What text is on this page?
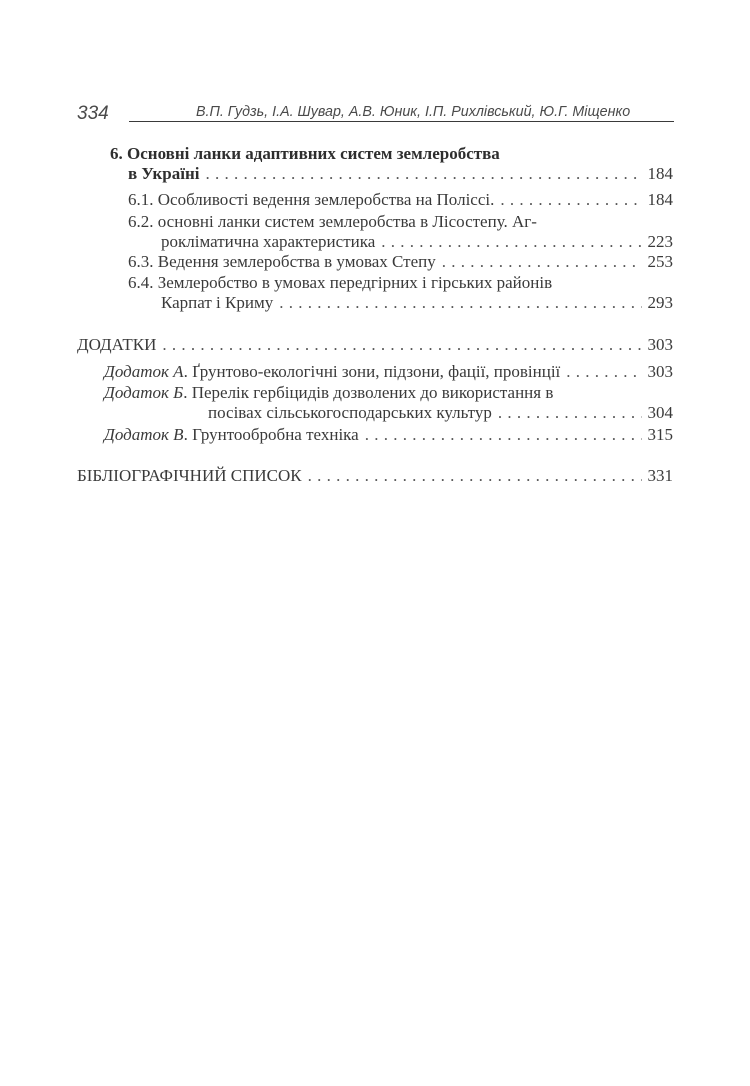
334	В.П. Гудзь, І.А. Шувар, А.В. Юник, І.П. Рихлівський, Ю.Г. Міщенко
6. Основні ланки адаптивних систем землеробства
в Україні . . .	184
6.1. Особливості ведення землеробства на Поліссі. . . .	184
6.2. основні ланки систем землеробства в Лісостепу. Аг-
рокліматична характеристика . . .	223
6.3. Ведення землеробства в умовах Степу . . .	253
6.4. Землеробство в умовах передгірних і гірських районів
Карпат і Криму . . .	293
ДОДАТКИ . . .	303
Додаток А . Ґрунтово-екологічні зони, підзони, фації, провінції . . .	303
Додаток Б. Перелік гербіцидів дозволених до використання в
посівах сільськогосподарських культур . . .	304
Додаток В . Грунтообробна техніка . . .	315
БІБЛІОГРАФІЧНИЙ СПИСОК . . .	331
